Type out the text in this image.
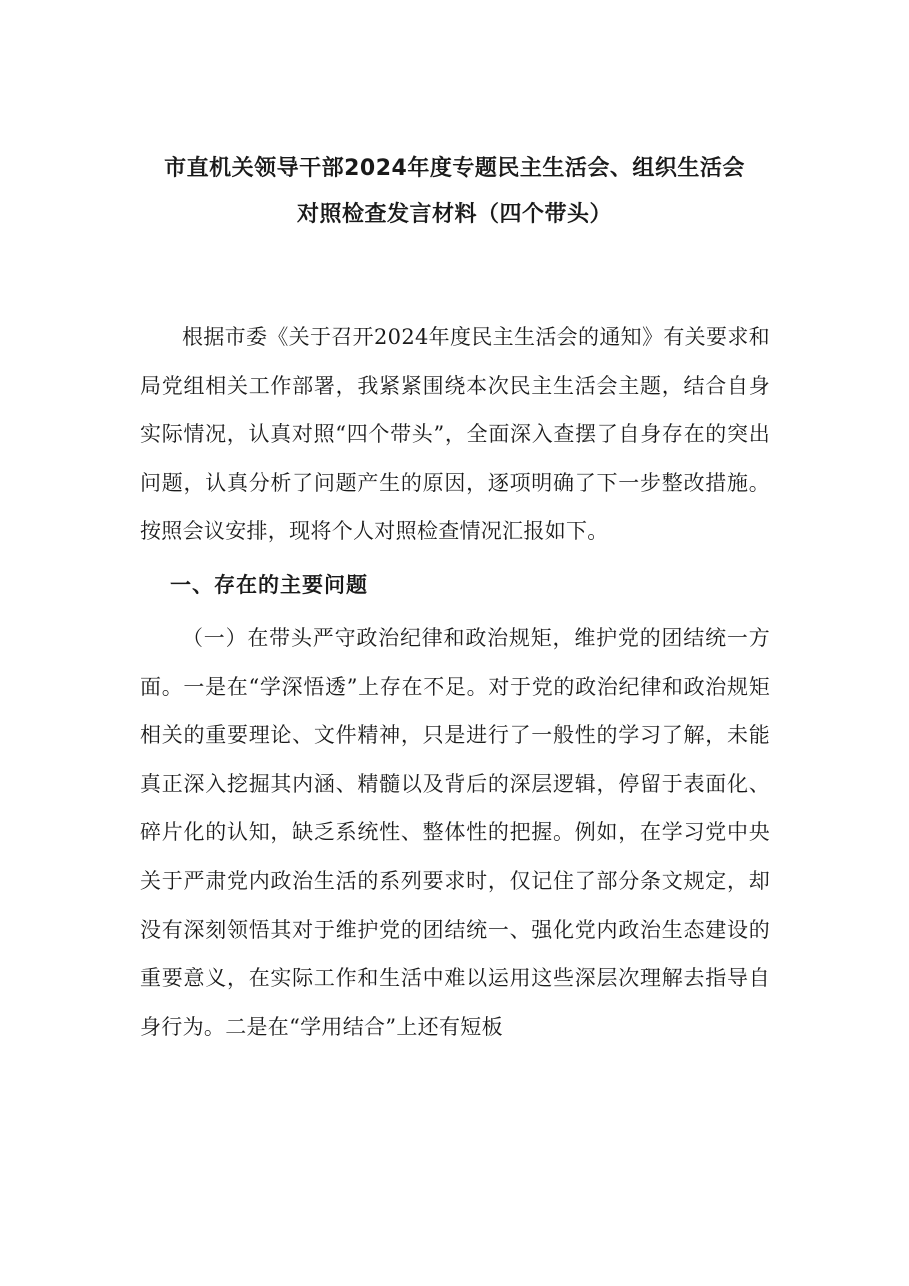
市直机关领导干部2024年度专题民主生活会、组织生活会
对照检查发言材料（四个带头）

根据市委《关于召开2024年度民主生活会的通知》有关要求和局党组相关工作部署，我紧紧围绕本次民主生活会主题，结合自身实际情况，认真对照“四个带头”，全面深入查摆了自身存在的突出问题，认真分析了问题产生的原因，逐项明确了下一步整改措施。按照会议安排，现将个人对照检查情况汇报如下。

一、存在的主要问题

（一）在带头严守政治纪律和政治规矩，维护党的团结统一方面。一是在“学深悟透”上存在不足。对于党的政治纪律和政治规矩相关的重要理论、文件精神，只是进行了一般性的学习了解，未能真正深入挖掘其内涵、精髓以及背后的深层逻辑，停留于表面化、碎片化的认知，缺乏系统性、整体性的把握。例如，在学习党中央关于严肃党内政治生活的系列要求时，仅记住了部分条文规定，却没有深刻领悟其对于维护党的团结统一、强化党内政治生态建设的重要意义，在实际工作和生活中难以运用这些深层次理解去指导自身行为。二是在“学用结合”上还有短板
